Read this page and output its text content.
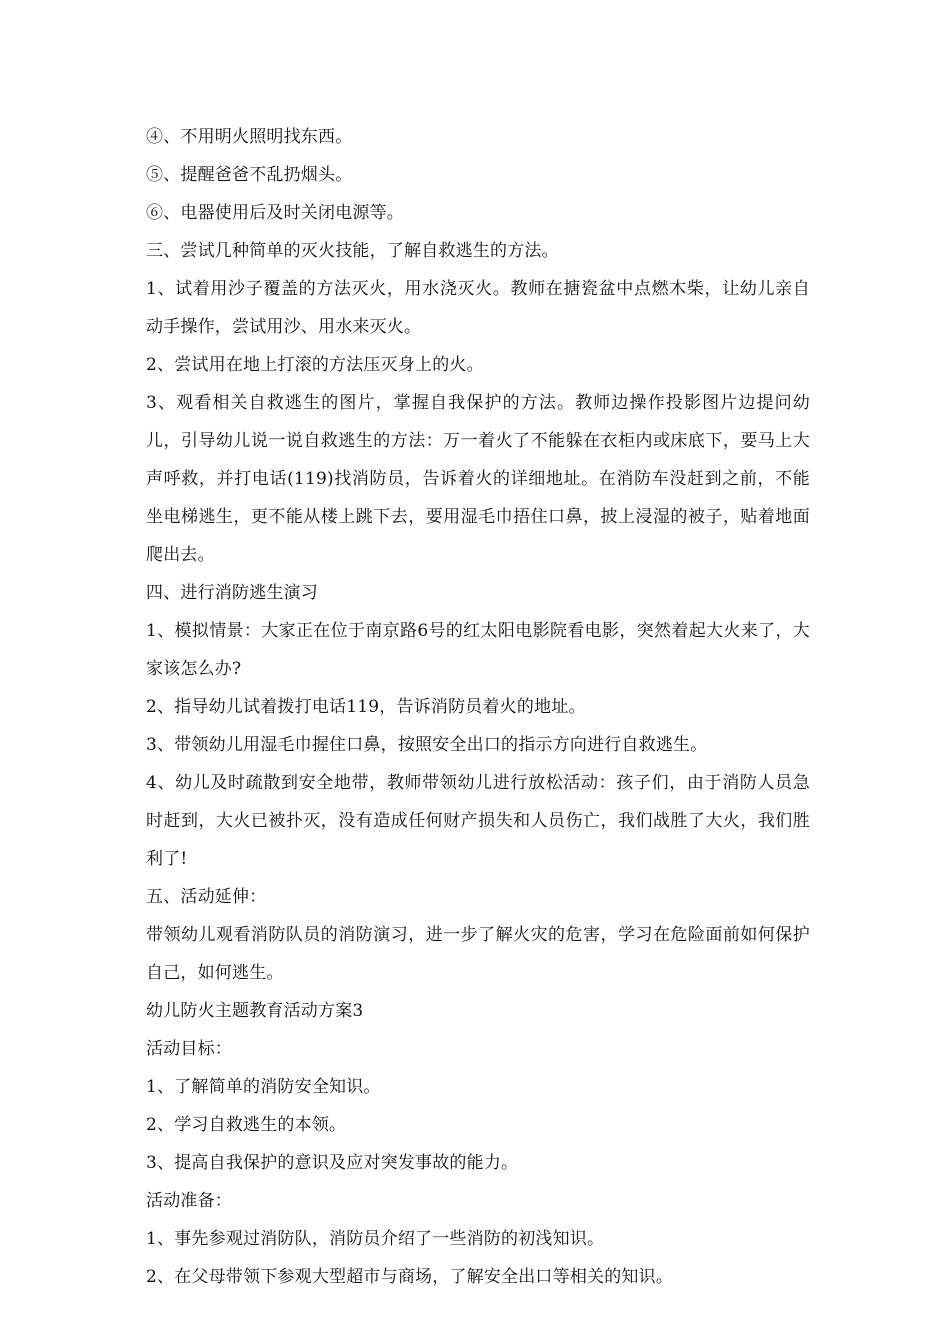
④、不用明火照明找东西。

⑤、提醒爸爸不乱扔烟头。

⑥、电器使用后及时关闭电源等。

三、尝试几种简单的灭火技能，了解自救逃生的方法。

1、试着用沙子覆盖的方法灭火，用水浇灭火。教师在搪瓷盆中点燃木柴，让幼儿亲自动手操作，尝试用沙、用水来灭火。

2、尝试用在地上打滚的方法压灭身上的火。

3、观看相关自救逃生的图片，掌握自我保护的方法。教师边操作投影图片边提问幼儿，引导幼儿说一说自救逃生的方法：万一着火了不能躲在衣柜内或床底下，要马上大声呼救，并打电话(119)找消防员，告诉着火的详细地址。在消防车没赶到之前，不能坐电梯逃生，更不能从楼上跳下去，要用湿毛巾捂住口鼻，披上浸湿的被子，贴着地面爬出去。

四、进行消防逃生演习

1、模拟情景：大家正在位于南京路6号的红太阳电影院看电影，突然着起大火来了，大家该怎么办?

2、指导幼儿试着拨打电话119，告诉消防员着火的地址。

3、带领幼儿用湿毛巾握住口鼻，按照安全出口的指示方向进行自救逃生。

4、幼儿及时疏散到安全地带，教师带领幼儿进行放松活动：孩子们，由于消防人员急时赶到，大火已被扑灭，没有造成任何财产损失和人员伤亡，我们战胜了大火，我们胜利了!

五、活动延伸：

带领幼儿观看消防队员的消防演习，进一步了解火灾的危害，学习在危险面前如何保护自己，如何逃生。

幼儿防火主题教育活动方案3

活动目标：

1、了解简单的消防安全知识。

2、学习自救逃生的本领。

3、提高自我保护的意识及应对突发事故的能力。

活动准备：

1、事先参观过消防队，消防员介绍了一些消防的初浅知识。

2、在父母带领下参观大型超市与商场，了解安全出口等相关的知识。
